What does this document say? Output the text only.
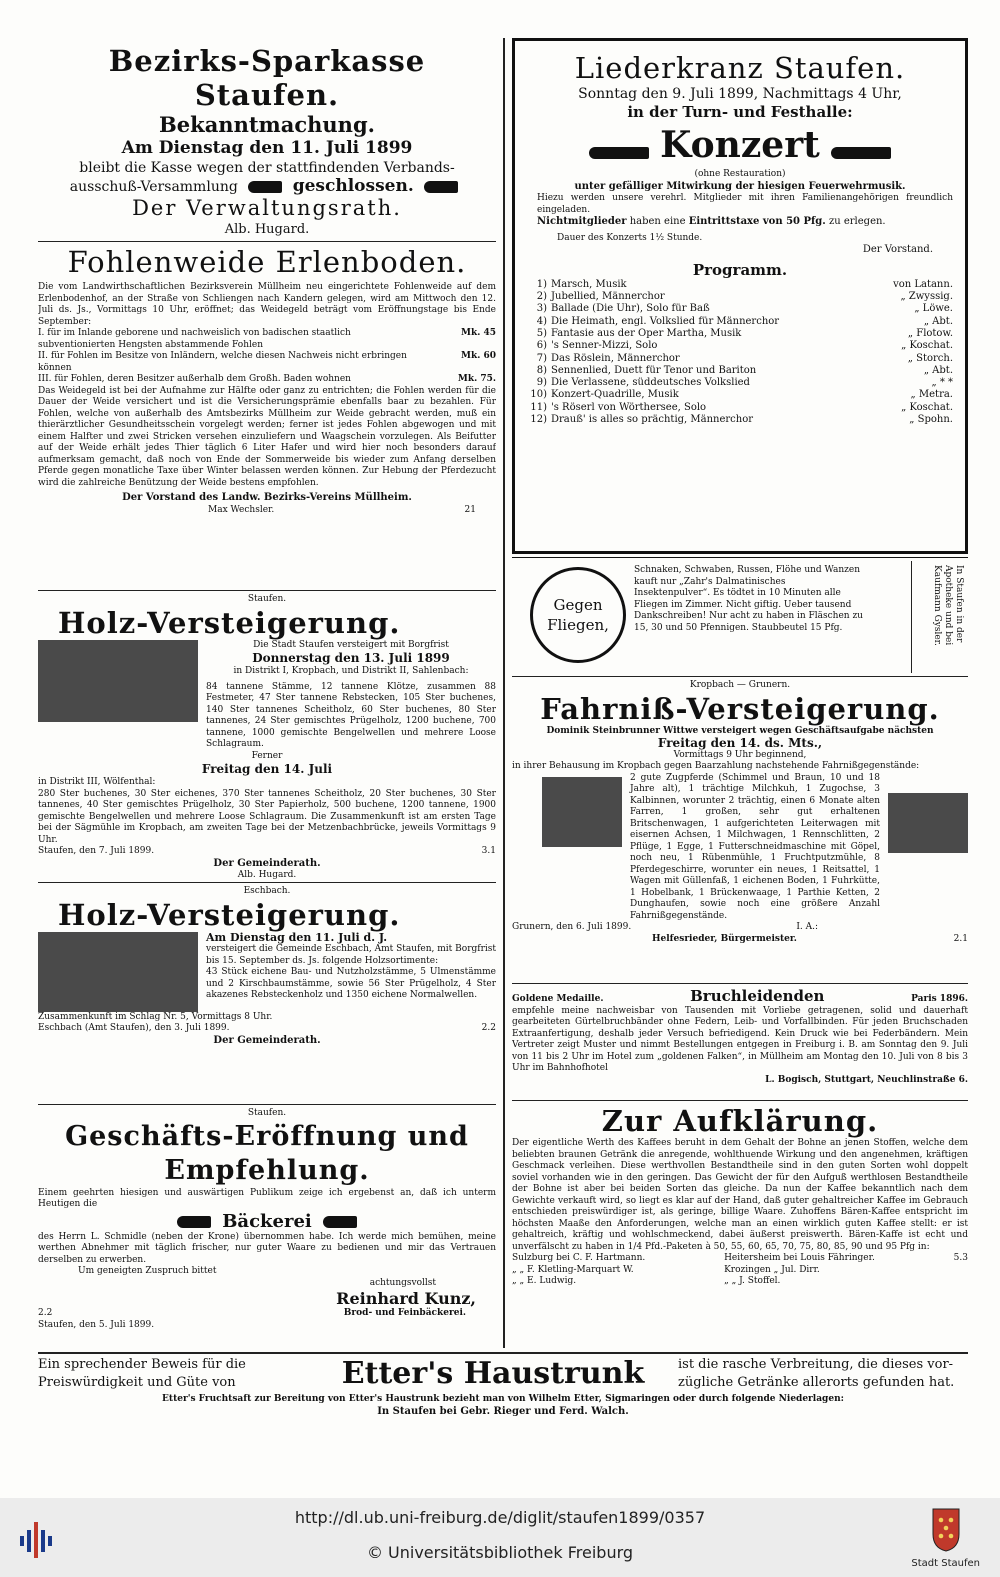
Bezirks-Sparkasse Staufen.
Bekanntmachung.
Am Dienstag den 11. Juli 1899
bleibt die Kasse wegen der stattfindenden Verbands-
ausschuß-Versammlung	geschlossen.
Der Verwaltungsrath.
Alb. Hugard.
Fohlenweide Erlenboden.
Die vom Landwirthschaftlichen Bezirksverein Müllheim neu eingerichtete Fohlenweide auf dem Erlenbodenhof, an der Straße von Schliengen nach Kandern gelegen, wird am Mittwoch den 12. Juli ds. Js., Vormittags 10 Uhr, eröffnet; das Weidegeld beträgt vom Eröffnungstage bis Ende September:
I. für im Inlande geborene und nachweislich von badischen staatlich subventionierten Hengsten abstammende Fohlen
Mk. 45
II. für Fohlen im Besitze von Inländern, welche diesen Nachweis nicht erbringen können
Mk. 60
III. für Fohlen, deren Besitzer außerhalb dem Großh. Baden wohnen	Mk. 75.
Das Weidegeld ist bei der Aufnahme zur Hälfte oder ganz zu entrichten; die Fohlen werden für die Dauer der Weide versichert und ist die Versicherungsprämie ebenfalls baar zu bezahlen. Für Fohlen, welche von außerhalb des Amtsbezirks Müllheim zur Weide gebracht werden, muß ein thierärztlicher Gesundheitsschein vorgelegt werden; ferner ist jedes Fohlen abgewogen und mit einem Halfter und zwei Stricken versehen einzuliefern und Waagschein vorzulegen. Als Beifutter auf der Weide erhält jedes Thier täglich 6 Liter Hafer und wird hier noch besonders darauf aufmerksam gemacht, daß noch von Ende der Sommerweide bis wieder zum Anfang derselben Pferde gegen monatliche Taxe über Winter belassen werden können. Zur Hebung der Pferdezucht wird die zahlreiche Benützung der Weide bestens empfohlen.
Der Vorstand des Landw. Bezirks-Vereins Müllheim.
Max Wechsler.	21
Staufen.
Holz-Versteigerung.
Die Stadt Staufen versteigert mit Borgfrist
Donnerstag den 13. Juli 1899
in Distrikt I, Kropbach, und Distrikt II, Sahlenbach:
84 tannene Stämme, 12 tannene Klötze, zusammen 88 Festmeter, 47 Ster tannene Rebstecken, 105 Ster buchenes, 140 Ster tannenes Scheitholz, 60 Ster buchenes, 80 Ster tannenes, 24 Ster gemischtes Prügelholz, 1200 buchene, 700 tannene, 1000 gemischte Bengelwellen und mehrere Loose Schlagraum.
Ferner
Freitag den 14. Juli
in Distrikt III, Wölfenthal:
280 Ster buchenes, 30 Ster eichenes, 370 Ster tannenes Scheitholz, 20 Ster buchenes, 30 Ster tannenes, 40 Ster gemischtes Prügelholz, 30 Ster Papierholz, 500 buchene, 1200 tannene, 1900 gemischte Bengelwellen und mehrere Loose Schlagraum. Die Zusammenkunft ist am ersten Tage bei der Sägmühle im Kropbach, am zweiten Tage bei der Metzenbachbrücke, jeweils Vormittags 9 Uhr.
Staufen, den 7. Juli 1899.	3.1
Der Gemeinderath.
Alb. Hugard.
Eschbach.
Holz-Versteigerung.
Am Dienstag den 11. Juli d. J.
versteigert die Gemeinde Eschbach, Amt Staufen, mit Borgfrist bis 15. September ds. Js. folgende Holzsortimente:
43 Stück eichene Bau- und Nutzholzstämme, 5 Ulmenstämme und 2 Kirschbaumstämme, sowie 56 Ster Prügelholz, 4 Ster akazenes Rebsteckenholz und 1350 eichene Normalwellen.
Zusammenkunft im Schlag Nr. 5, Vormittags 8 Uhr.
Eschbach (Amt Staufen), den 3. Juli 1899.	2.2
Der Gemeinderath.
Staufen.
Geschäfts-Eröffnung und
Empfehlung.
Einem geehrten hiesigen und auswärtigen Publikum zeige ich ergebenst an, daß ich unterm Heutigen die
Bäckerei
des Herrn L. Schmidle (neben der Krone) übernommen habe. Ich werde mich bemühen, meine werthen Abnehmer mit täglich frischer, nur guter Waare zu bedienen und mir das Vertrauen derselben zu erwerben.
Um geneigten Zuspruch bittet
achtungsvollst
Reinhard Kunz,
2.2	Brod- und Feinbäckerei.
Staufen, den 5. Juli 1899.
Liederkranz Staufen.
Sonntag den 9. Juli 1899, Nachmittags 4 Uhr,
in der Turn- und Festhalle:
Konzert
(ohne Restauration)
unter gefälliger Mitwirkung der hiesigen Feuerwehrmusik.
Hiezu werden unsere verehrl. Mitglieder mit ihren Familienangehörigen freundlich eingeladen.
Nichtmitglieder haben eine Eintrittstaxe von 50 Pfg. zu erlegen.
Dauer des Konzerts 1½ Stunde.
Der Vorstand.
Programm.
1) Marsch, Musik	von Latann.
2) Jubellied, Männerchor	„ Zwyssig.
3) Ballade (Die Uhr), Solo für Baß	„ Löwe.
4) Die Heimath, engl. Volkslied für Männerchor	„ Abt.
5) Fantasie aus der Oper Martha, Musik	„ Flotow.
6) 's Senner-Mizzi, Solo	„ Koschat.
7) Das Röslein, Männerchor	„ Storch.
8) Sennenlied, Duett für Tenor und Bariton	„ Abt.
9) Die Verlassene, süddeutsches Volkslied	„ * *
10) Konzert-Quadrille, Musik	„ Metra.
11) 's Röserl von Wörthersee, Solo	„ Koschat.
12) Drauß' is alles so prächtig, Männerchor	„ Spohn.
Gegen Fliegen,
Schnaken, Schwaben, Russen, Flöhe und Wanzen kauft nur „Zahr's Dalmatinisches Insektenpulver“. Es tödtet in 10 Minuten alle Fliegen im Zimmer. Nicht giftig. Ueber tausend Dankschreiben! Nur acht zu haben in Fläschen zu 15, 30 und 50 Pfennigen. Staubbeutel 15 Pfg.	In Staufen in der Apotheke und bei Kaufmann Gysler.
Kropbach — Grunern.
Fahrniß-Versteigerung.
Dominik Steinbrunner Wittwe versteigert wegen Geschäftsaufgabe nächsten
Freitag den 14. ds. Mts.,
Vormittags 9 Uhr beginnend,
in ihrer Behausung im Kropbach gegen Baarzahlung nachstehende Fahrnißgegenstände:
2 gute Zugpferde (Schimmel und Braun, 10 und 18 Jahre alt), 1 trächtige Milchkuh, 1 Zugochse, 3 Kalbinnen, worunter 2 trächtig, einen 6 Monate alten Farren, 1 großen, sehr gut erhaltenen Britschenwagen, 1 aufgerichteten Leiterwagen mit eisernen Achsen, 1 Milchwagen, 1 Rennschlitten, 2 Pflüge, 1 Egge, 1 Futterschneidmaschine mit Göpel, noch neu, 1 Rübenmühle, 1 Fruchtputzmühle, 8 Pferdegeschirre, worunter ein neues, 1 Reitsattel, 1 Wagen mit Güllenfaß, 1 eichenen Boden, 1 Fuhrkütte, 1 Hobelbank, 1 Brückenwaage, 1 Parthie Ketten, 2 Dunghaufen, sowie noch eine größere Anzahl Fahrnißgegenstände.
Grunern, den 6. Juli 1899.	I. A.:
Helfesrieder, Bürgermeister.	2.1
Goldene Medaille.	Bruchleidenden	Paris 1896.
empfehle meine nachweisbar von Tausenden mit Vorliebe getragenen, solid und dauerhaft gearbeiteten Gürtelbruchbänder ohne Federn, Leib- und Vorfallbinden. Für jeden Bruchschaden Extraanfertigung, deshalb jeder Versuch befriedigend. Kein Druck wie bei Federbändern. Mein Vertreter zeigt Muster und nimmt Bestellungen entgegen in Freiburg i. B. am Sonntag den 9. Juli von 11 bis 2 Uhr im Hotel zum „goldenen Falken“, in Müllheim am Montag den 10. Juli von 8 bis 3 Uhr im Bahnhofhotel
L. Bogisch, Stuttgart, Neuchlinstraße 6.
Zur Aufklärung.
Der eigentliche Werth des Kaffees beruht in dem Gehalt der Bohne an jenen Stoffen, welche dem beliebten braunen Getränk die anregende, wohlthuende Wirkung und den angenehmen, kräftigen Geschmack verleihen. Diese werthvollen Bestandtheile sind in den guten Sorten wohl doppelt soviel vorhanden wie in den geringen. Das Gewicht der für den Aufguß werthlosen Bestandtheile der Bohne ist aber bei beiden Sorten das gleiche. Da nun der Kaffee bekanntlich nach dem Gewichte verkauft wird, so liegt es klar auf der Hand, daß guter gehaltreicher Kaffee im Gebrauch entschieden preiswürdiger ist, als geringe, billige Waare. Zuhoffens Bären-Kaffee entspricht im höchsten Maaße den Anforderungen, welche man an einen wirklich guten Kaffee stellt: er ist gehaltreich, kräftig und wohlschmeckend, dabei äußerst preiswerth. Bären-Kaffe ist echt und unverfälscht zu haben in 1/4 Pfd.-Paketen à 50, 55, 60, 65, 70, 75, 80, 85, 90 und 95 Pfg in:
Sulzburg bei C. F. Hartmann.
„ „ F. Kletling-Marquart W.
„ „ E. Ludwig.
Heitersheim bei Louis Fähringer.
Krozingen „ Jul. Dirr.
„ „ J. Stoffel.
5.3
Ein sprechender Beweis für die
Preiswürdigkeit und Güte von	Etter's Haustrunk	ist die rasche Verbreitung, die dieses vor-
zügliche Getränke allerorts gefunden hat.
Etter's Fruchtsaft zur Bereitung von Etter's Haustrunk bezieht man von Wilhelm Etter, Sigmaringen oder durch folgende Niederlagen:
In Staufen bei Gebr. Rieger und Ferd. Walch.
http://dl.ub.uni-freiburg.de/diglit/staufen1899/0357
© Universitätsbibliothek Freiburg
Stadt Staufen
